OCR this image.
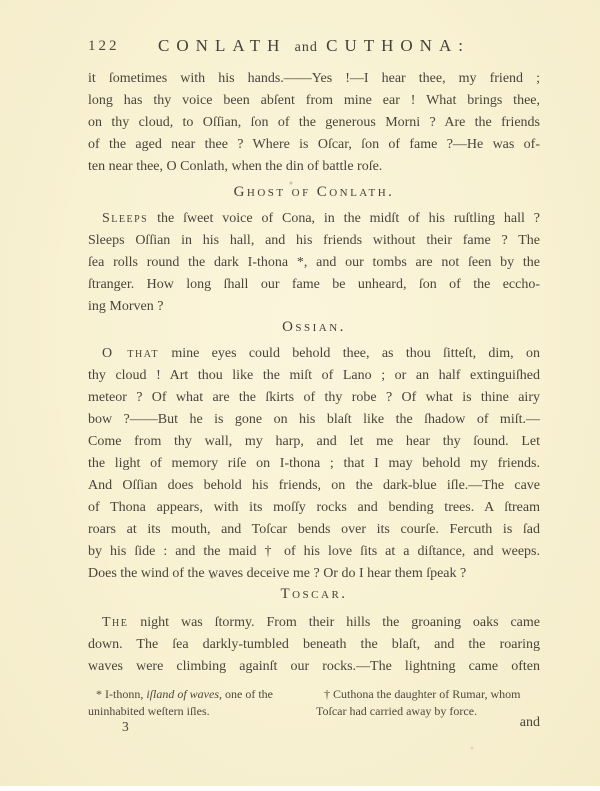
122	CONLATH and CUTHONA:
it ſometimes with his hands.——Yes !—I hear thee, my friend ;
long has thy voice been abſent from mine ear ! What brings thee,
on thy cloud, to Oſſian, ſon of the generous Morni ? Are the friends
of the aged near thee ? Where is Oſcar, ſon of fame ?—He was of-
ten near thee, O Conlath, when the din of battle roſe.
Ghost of Conlath.
Sleeps the ſweet voice of Cona, in the midſt of his ruſtling hall ?
Sleeps Oſſian in his hall, and his friends without their fame ? The
ſea rolls round the dark I-thona *, and our tombs are not ſeen by the
ſtranger. How long ſhall our fame be unheard, ſon of the eccho-
ing Morven ?
Ossian.
O that mine eyes could behold thee, as thou ſitteſt, dim, on
thy cloud ! Art thou like the miſt of Lano ; or an half extinguiſhed
meteor ? Of what are the ſkirts of thy robe ? Of what is thine airy
bow ?——But he is gone on his blaſt like the ſhadow of miſt.—
Come from thy wall, my harp, and let me hear thy ſound. Let
the light of memory riſe on I-thona ; that I may behold my friends.
And Oſſian does behold his friends, on the dark-blue iſle.—The cave
of Thona appears, with its moſſy rocks and bending trees. A ſtream
roars at its mouth, and Toſcar bends over its courſe. Fercuth is ſad
by his ſide : and the maid † of his love ſits at a diſtance, and weeps.
Does the wind of the waves deceive me ? Or do I hear them ſpeak ?
Toscar.
The night was ſtormy. From their hills the groaning oaks came
down. The ſea darkly-tumbled beneath the blaſt, and the roaring
waves were climbing againſt our rocks.—The lightning came often
* I-thonn, iſland of waves, one of the
uninhabited weſtern iſles.
† Cuthona the daughter of Rumar, whom
Toſcar had carried away by force.
3	and
